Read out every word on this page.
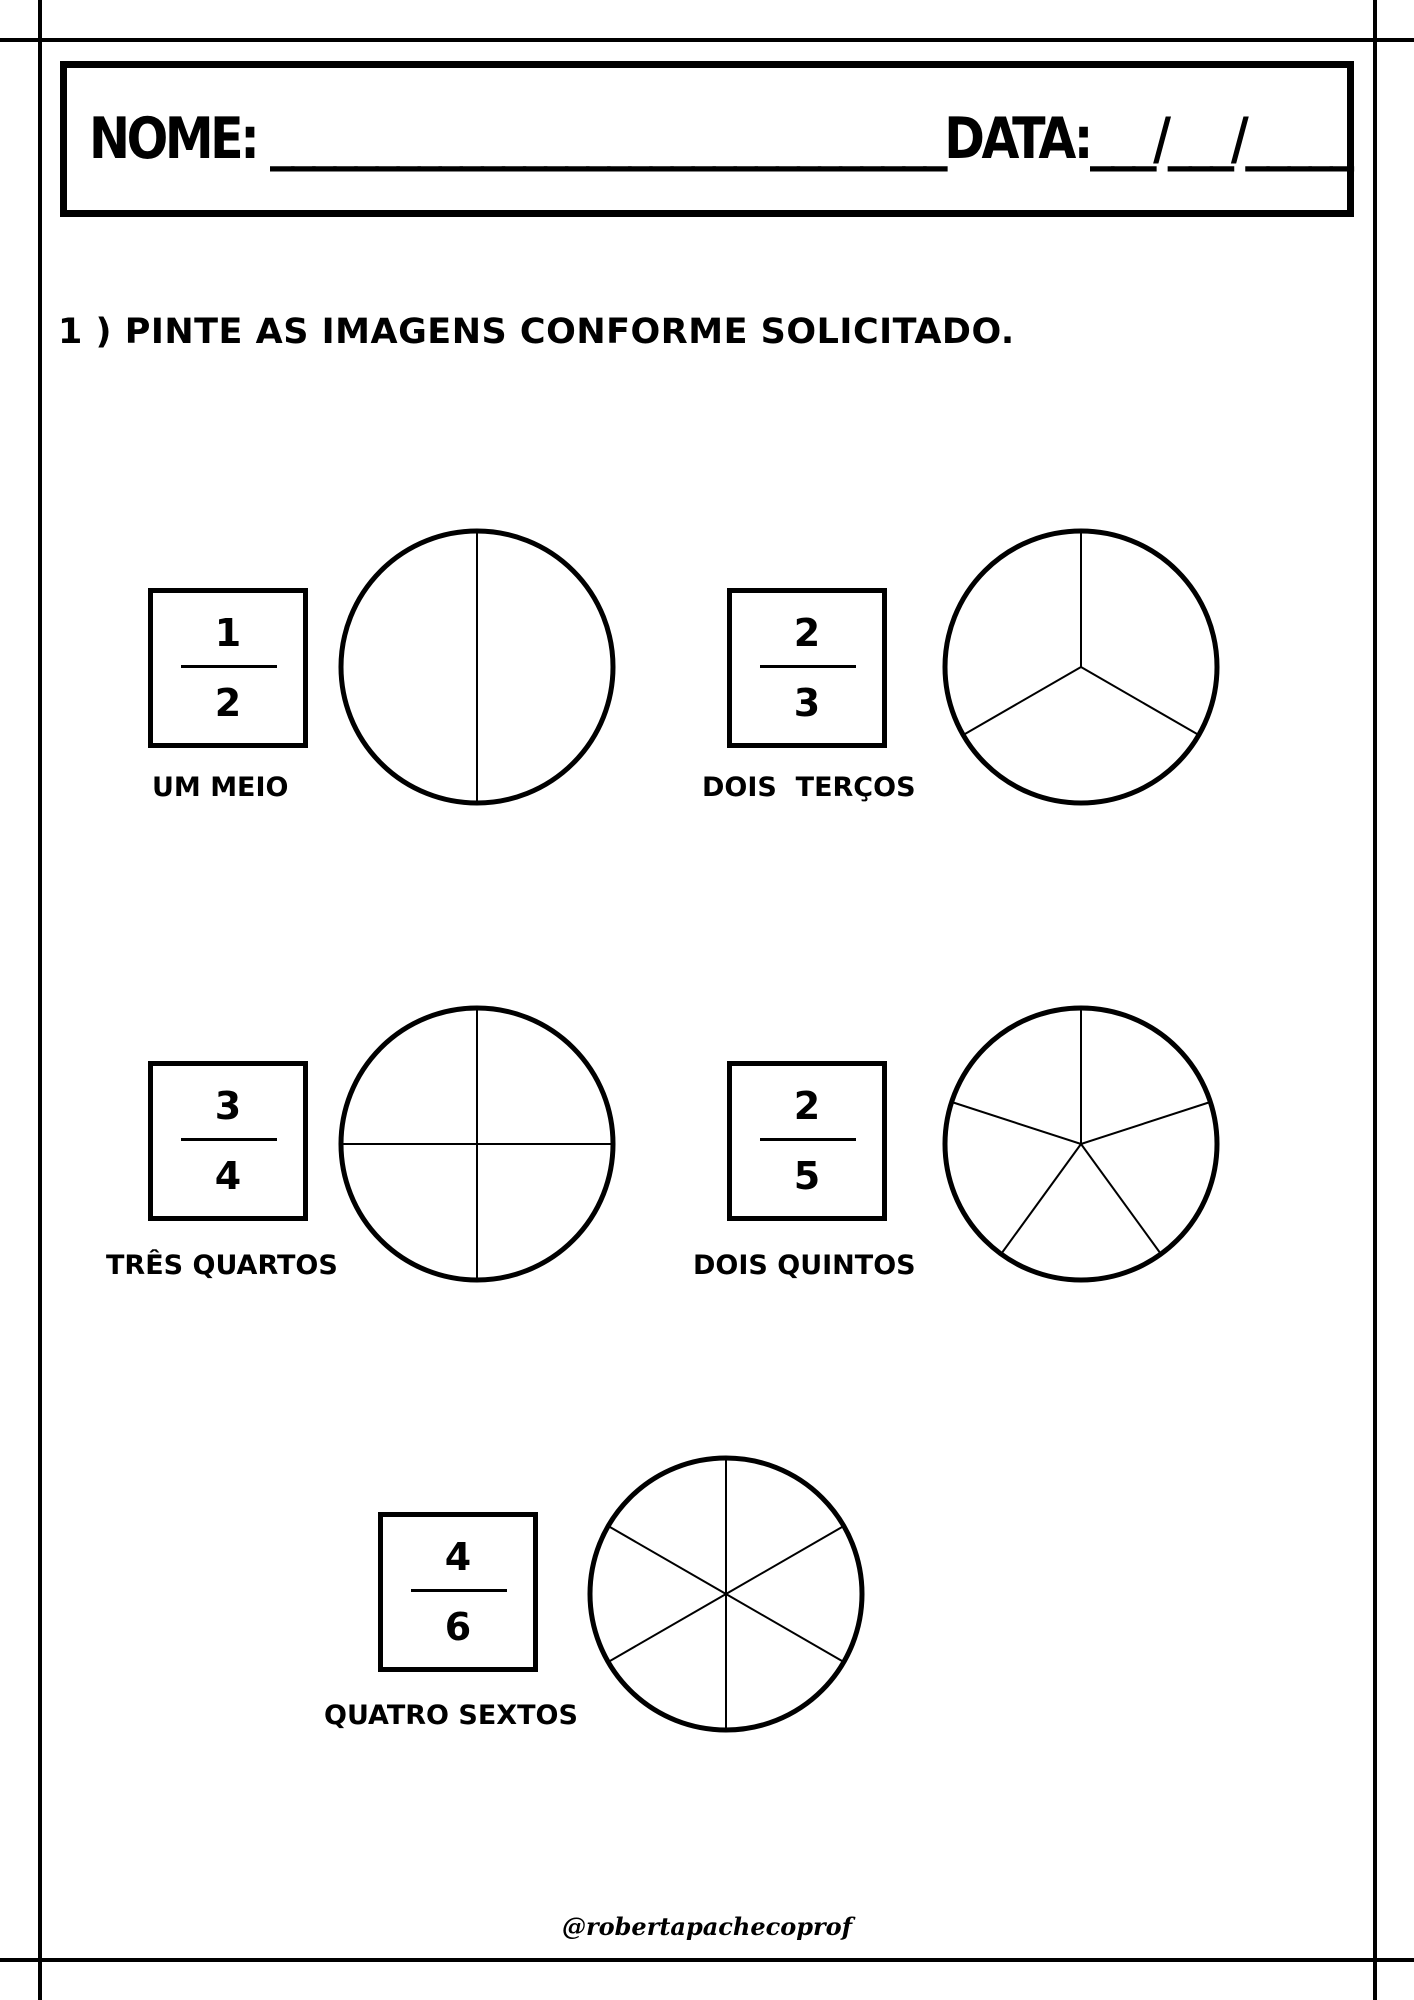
NOME: ________________________________DATA:___/___/_____
1 ) PINTE AS IMAGENS CONFORME SOLICITADO.
1
2
UM MEIO
2
3
DOIS  TERÇOS
3
4
TRÊS QUARTOS
2
5
DOIS QUINTOS
4
6
QUATRO SEXTOS
@robertapachecoprof
